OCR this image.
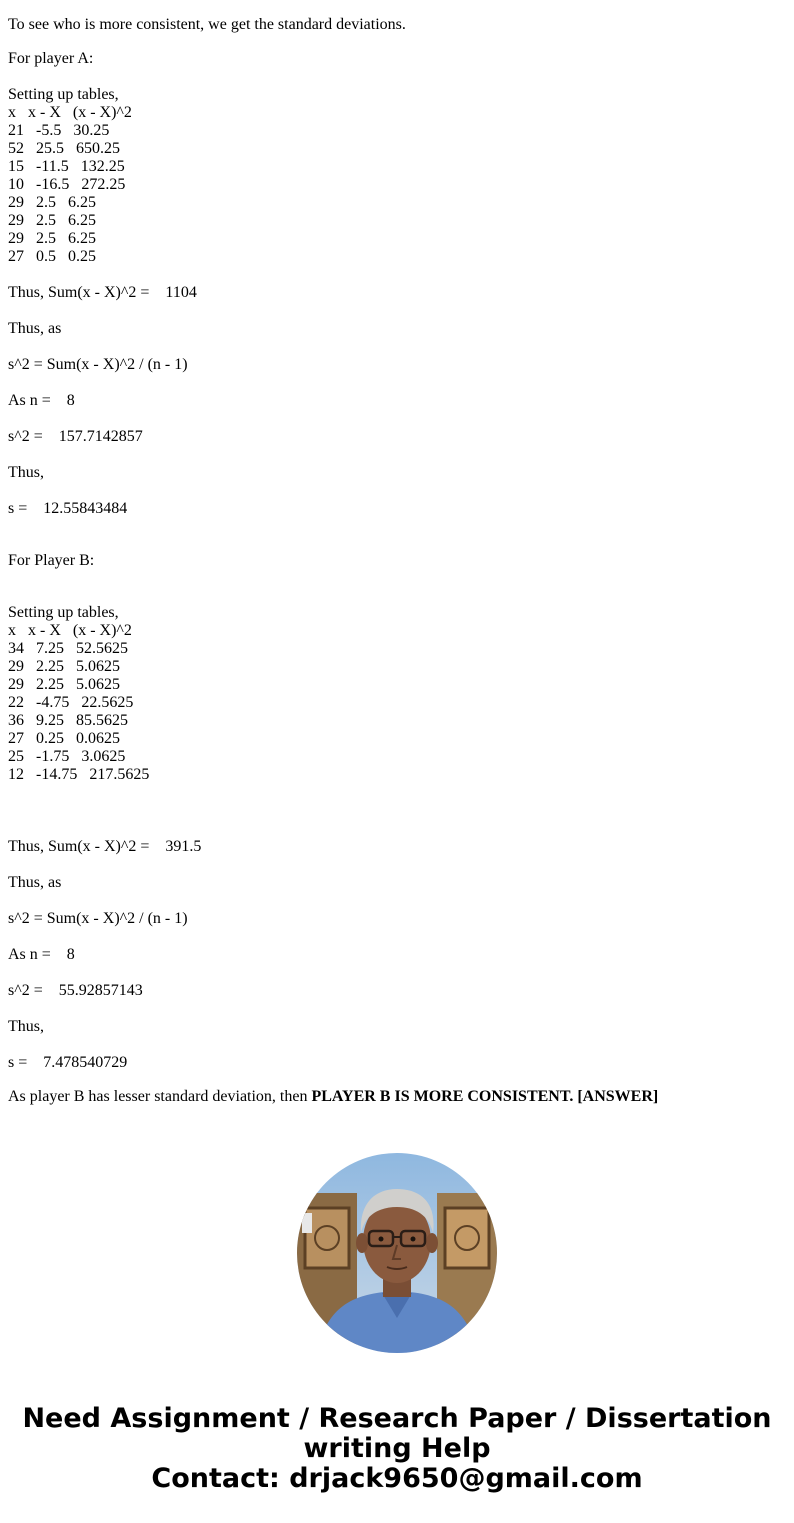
To see who is more consistent, we get the standard deviations.

For player A:

Setting up tables,

x   x - X   (x - X)^2

21   -5.5   30.25

52   25.5   650.25

15   -11.5   132.25

10   -16.5   272.25

29   2.5   6.25

29   2.5   6.25

29   2.5   6.25

27   0.5   0.25

Thus, Sum(x - X)^2 =    1104

Thus, as

s^2 = Sum(x - X)^2 / (n - 1)

As n =    8

s^2 =    157.7142857

Thus,

s =    12.55843484

For Player B:

Setting up tables,

x   x - X   (x - X)^2

34   7.25   52.5625

29   2.25   5.0625

29   2.25   5.0625

22   -4.75   22.5625

36   9.25   85.5625

27   0.25   0.0625

25   -1.75   3.0625

12   -14.75   217.5625

Thus, Sum(x - X)^2 =    391.5

Thus, as

s^2 = Sum(x - X)^2 / (n - 1)

As n =    8

s^2 =    55.92857143

Thus,

s =    7.478540729

As player B has lesser standard deviation, then PLAYER B IS MORE CONSISTENT. [ANSWER]

Need Assignment / Research Paper / Dissertation
writing Help
Contact: drjack9650@gmail.com
